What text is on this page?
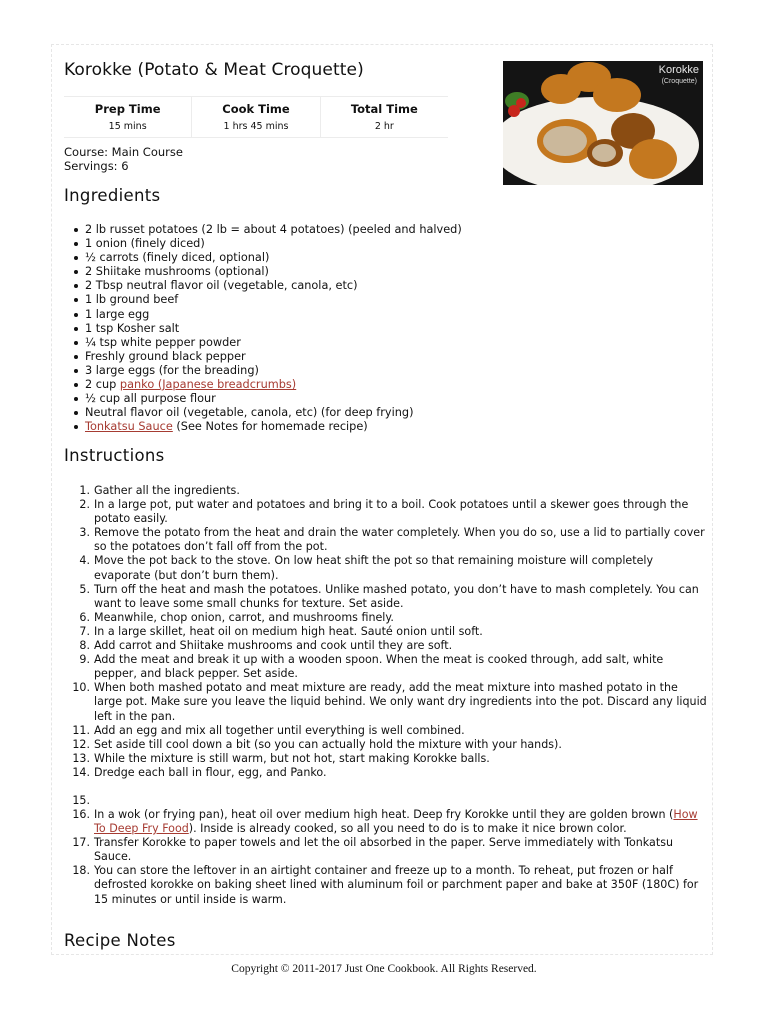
Korokke (Potato & Meat Croquette)
Prep Time
15 mins
Cook Time
1 hrs 45 mins
Total Time
2 hr
Course: Main Course
Servings: 6
Korokke
(Croquette)
Ingredients
2 lb russet potatoes (2 lb = about 4 potatoes) (peeled and halved)
1 onion (finely diced)
½ carrots (finely diced, optional)
2 Shiitake mushrooms (optional)
2 Tbsp neutral flavor oil (vegetable, canola, etc)
1 lb ground beef
1 large egg
1 tsp Kosher salt
¼ tsp white pepper powder
Freshly ground black pepper
3 large eggs (for the breading)
2 cup panko (Japanese breadcrumbs)
½ cup all purpose flour
Neutral flavor oil (vegetable, canola, etc) (for deep frying)
Tonkatsu Sauce (See Notes for homemade recipe)
Instructions
1. Gather all the ingredients.
2. In a large pot, put water and potatoes and bring it to a boil. Cook potatoes until a skewer goes through the potato easily.
3. Remove the potato from the heat and drain the water completely. When you do so, use a lid to partially cover so the potatoes don’t fall off from the pot.
4. Move the pot back to the stove. On low heat shift the pot so that remaining moisture will completely evaporate (but don’t burn them).
5. Turn off the heat and mash the potatoes. Unlike mashed potato, you don’t have to mash completely. You can want to leave some small chunks for texture. Set aside.
6. Meanwhile, chop onion, carrot, and mushrooms finely.
7. In a large skillet, heat oil on medium high heat. Sauté onion until soft.
8. Add carrot and Shiitake mushrooms and cook until they are soft.
9. Add the meat and break it up with a wooden spoon. When the meat is cooked through, add salt, white pepper, and black pepper. Set aside.
10. When both mashed potato and meat mixture are ready, add the meat mixture into mashed potato in the large pot. Make sure you leave the liquid behind. We only want dry ingredients into the pot. Discard any liquid left in the pan.
11. Add an egg and mix all together until everything is well combined.
12. Set aside till cool down a bit (so you can actually hold the mixture with your hands).
13. While the mixture is still warm, but not hot, start making Korokke balls.
14. Dredge each ball in flour, egg, and Panko.
15.
16. In a wok (or frying pan), heat oil over medium high heat. Deep fry Korokke until they are golden brown (How To Deep Fry Food). Inside is already cooked, so all you need to do is to make it nice brown color.
17. Transfer Korokke to paper towels and let the oil absorbed in the paper. Serve immediately with Tonkatsu Sauce.
18. You can store the leftover in an airtight container and freeze up to a month. To reheat, put frozen or half defrosted korokke on baking sheet lined with aluminum foil or parchment paper and bake at 350F (180C) for 15 minutes or until inside is warm.
Recipe Notes
Copyright © 2011-2017 Just One Cookbook. All Rights Reserved.
